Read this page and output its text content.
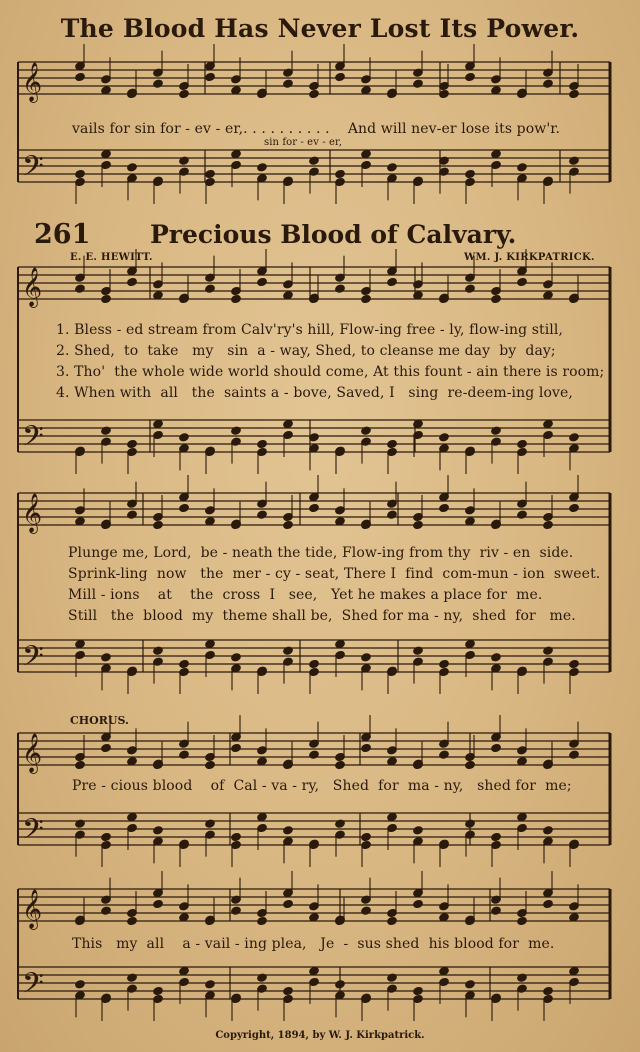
𝄞
𝄢
𝄞
𝄢
𝄞
𝄢
𝄞
𝄢
𝄞
𝄢
The Blood Has Never Lost Its Power.
vails for sin for - ev - er,. . . . . . . . . .    And will nev-er lose its pow'r.
sin for - ev - er,
261 Precious Blood of Calvary.
E. E. HEWITT.	WM. J. KIRKPATRICK.
1. Bless - ed stream from Calv'ry's hill, Flow-ing free - ly, flow-ing still,
2. Shed,  to  take   my   sin  a - way, Shed, to cleanse me day  by  day;
3. Tho'  the whole wide world should come, At this fount - ain there is room;
4. When with  all   the  saints a - bove, Saved, I   sing  re-deem-ing love,
Plunge me, Lord,  be - neath the tide, Flow-ing from thy  riv - en  side.
Sprink-ling  now   the  mer - cy - seat, There I  find  com-mun - ion  sweet.
Mill - ions    at    the  cross  I   see,   Yet he makes a place for  me.
Still   the  blood  my  theme shall be,  Shed for ma - ny,  shed  for   me.
CHORUS.
Pre - cious blood    of  Cal - va - ry,   Shed  for  ma - ny,   shed for  me;
This   my  all    a - vail - ing plea,   Je  -  sus shed  his blood for  me.
Copyright, 1894, by W. J. Kirkpatrick.
